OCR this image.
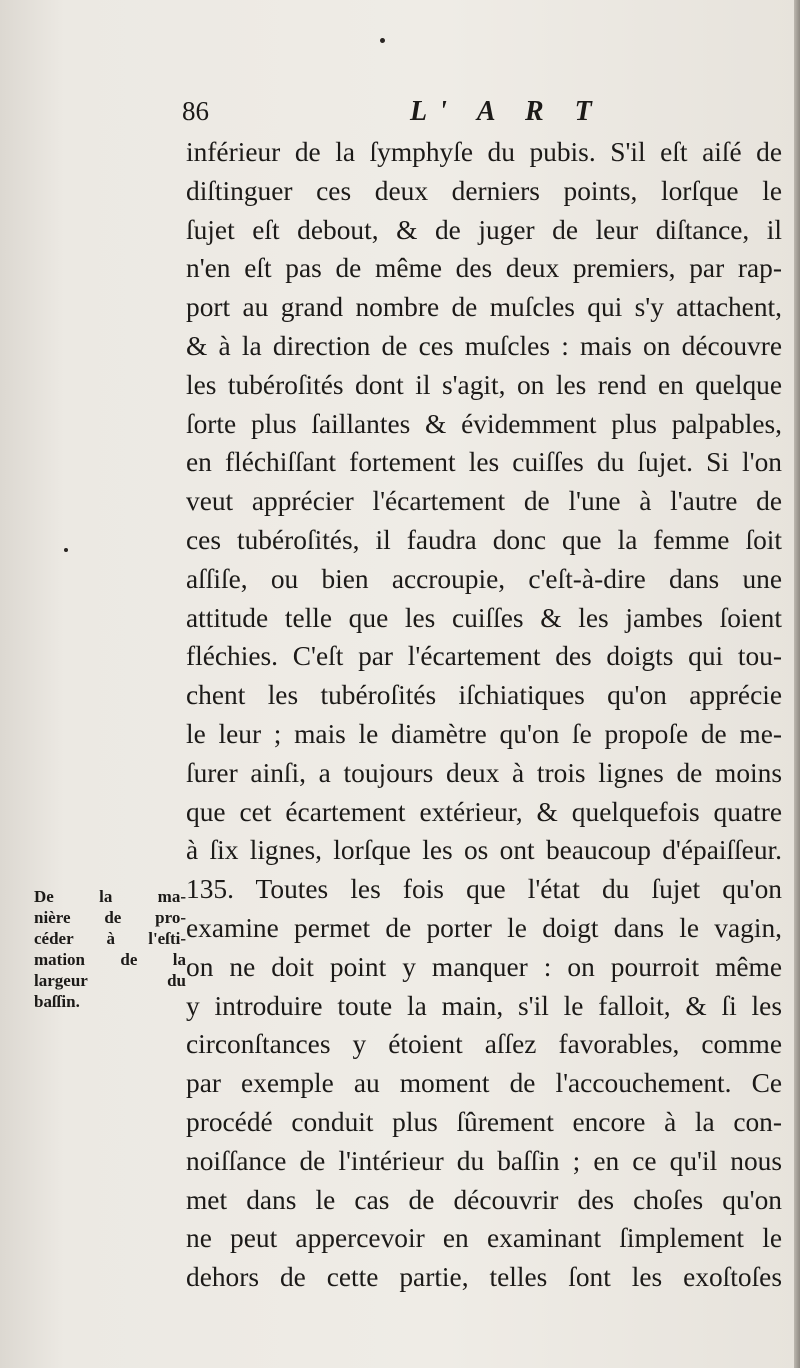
86	L' A R T
inférieur de la ſymphyſe du pubis. S'il eſt aiſé de
diſtinguer ces deux derniers points, lorſque le
ſujet eſt debout, & de juger de leur diſtance, il
n'en eſt pas de même des deux premiers, par rap-
port au grand nombre de muſcles qui s'y attachent,
& à la direction de ces muſcles : mais on découvre
les tubéroſités dont il s'agit, on les rend en quelque
ſorte plus ſaillantes & évidemment plus palpables,
en fléchiſſant fortement les cuiſſes du ſujet. Si l'on
veut apprécier l'écartement de l'une à l'autre de
ces tubéroſités, il faudra donc que la femme ſoit
aſſiſe, ou bien accroupie, c'eſt-à-dire dans une
attitude telle que les cuiſſes & les jambes ſoient
fléchies. C'eſt par l'écartement des doigts qui tou-
chent les tubéroſités iſchiatiques qu'on apprécie
le leur ; mais le diamètre qu'on ſe propoſe de me-
ſurer ainſi, a toujours deux à trois lignes de moins
que cet écartement extérieur, & quelquefois quatre
à ſix lignes, lorſque les os ont beaucoup d'épaiſſeur.
135. Toutes les fois que l'état du ſujet qu'on
examine permet de porter le doigt dans le vagin,
on ne doit point y manquer : on pourroit même
y introduire toute la main, s'il le falloit, & ſi les
circonſtances y étoient aſſez favorables, comme
par exemple au moment de l'accouchement. Ce
procédé conduit plus ſûrement encore à la con-
noiſſance de l'intérieur du baſſin ; en ce qu'il nous
met dans le cas de découvrir des choſes qu'on
ne peut appercevoir en examinant ſimplement le
dehors de cette partie, telles ſont les exoſtoſes
De la ma-
nière de pro-
céder à l'eſti-
mation de la
largeur du
baſſin.
